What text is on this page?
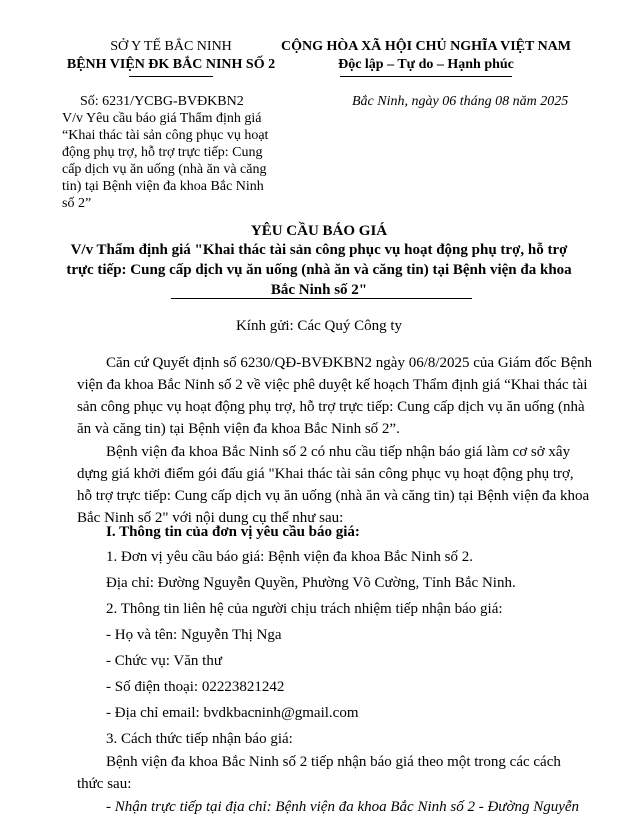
SỞ Y TẾ BẮC NINH
BỆNH VIỆN ĐK BẮC NINH SỐ 2
Số: 6231/YCBG-BVĐKBN2
V/v Yêu cầu báo giá Thẩm định giá
“Khai thác tài sản công phục vụ hoạt
động phụ trợ, hỗ trợ trực tiếp: Cung
cấp dịch vụ ăn uống (nhà ăn và căng
tin) tại Bệnh viện đa khoa Bắc Ninh
số 2”
CỘNG HÒA XÃ HỘI CHỦ NGHĨA VIỆT NAM
Độc lập – Tự do – Hạnh phúc
Bắc Ninh, ngày 06 tháng 08 năm 2025
YÊU CẦU BÁO GIÁ
V/v Thẩm định giá "Khai thác tài sản công phục vụ hoạt động phụ trợ, hỗ trợ
trực tiếp: Cung cấp dịch vụ ăn uống (nhà ăn và căng tin) tại Bệnh viện đa khoa
Bắc Ninh số 2"
Kính gửi: Các Quý Công ty
Căn cứ Quyết định số 6230/QĐ-BVĐKBN2 ngày 06/8/2025 của Giám đốc Bệnh
viện đa khoa Bắc Ninh số 2 về việc phê duyệt kế hoạch Thẩm định giá “Khai thác tài
sản công phục vụ hoạt động phụ trợ, hỗ trợ trực tiếp: Cung cấp dịch vụ ăn uống (nhà
ăn và căng tin) tại Bệnh viện đa khoa Bắc Ninh số 2”.
Bệnh viện đa khoa Bắc Ninh số 2 có nhu cầu tiếp nhận báo giá làm cơ sở xây
dựng giá khởi điểm gói đấu giá "Khai thác tài sản công phục vụ hoạt động phụ trợ,
hỗ trợ trực tiếp: Cung cấp dịch vụ ăn uống (nhà ăn và căng tin) tại Bệnh viện đa khoa
Bắc Ninh số 2" với nội dung cụ thể như sau:
I. Thông tin của đơn vị yêu cầu báo giá:
1. Đơn vị yêu cầu báo giá: Bệnh viện đa khoa Bắc Ninh số 2.
Địa chỉ: Đường Nguyễn Quyền, Phường Võ Cường, Tỉnh Bắc Ninh.
2. Thông tin liên hệ của người chịu trách nhiệm tiếp nhận báo giá:
- Họ và tên: Nguyễn Thị Nga
- Chức vụ: Văn thư
- Số điện thoại: 02223821242
- Địa chỉ email: bvdkbacninh@gmail.com
3. Cách thức tiếp nhận báo giá:
Bệnh viện đa khoa Bắc Ninh số 2 tiếp nhận báo giá theo một trong các cách
thức sau:
- Nhận trực tiếp tại địa chỉ: Bệnh viện đa khoa Bắc Ninh số 2 - Đường Nguyễn
